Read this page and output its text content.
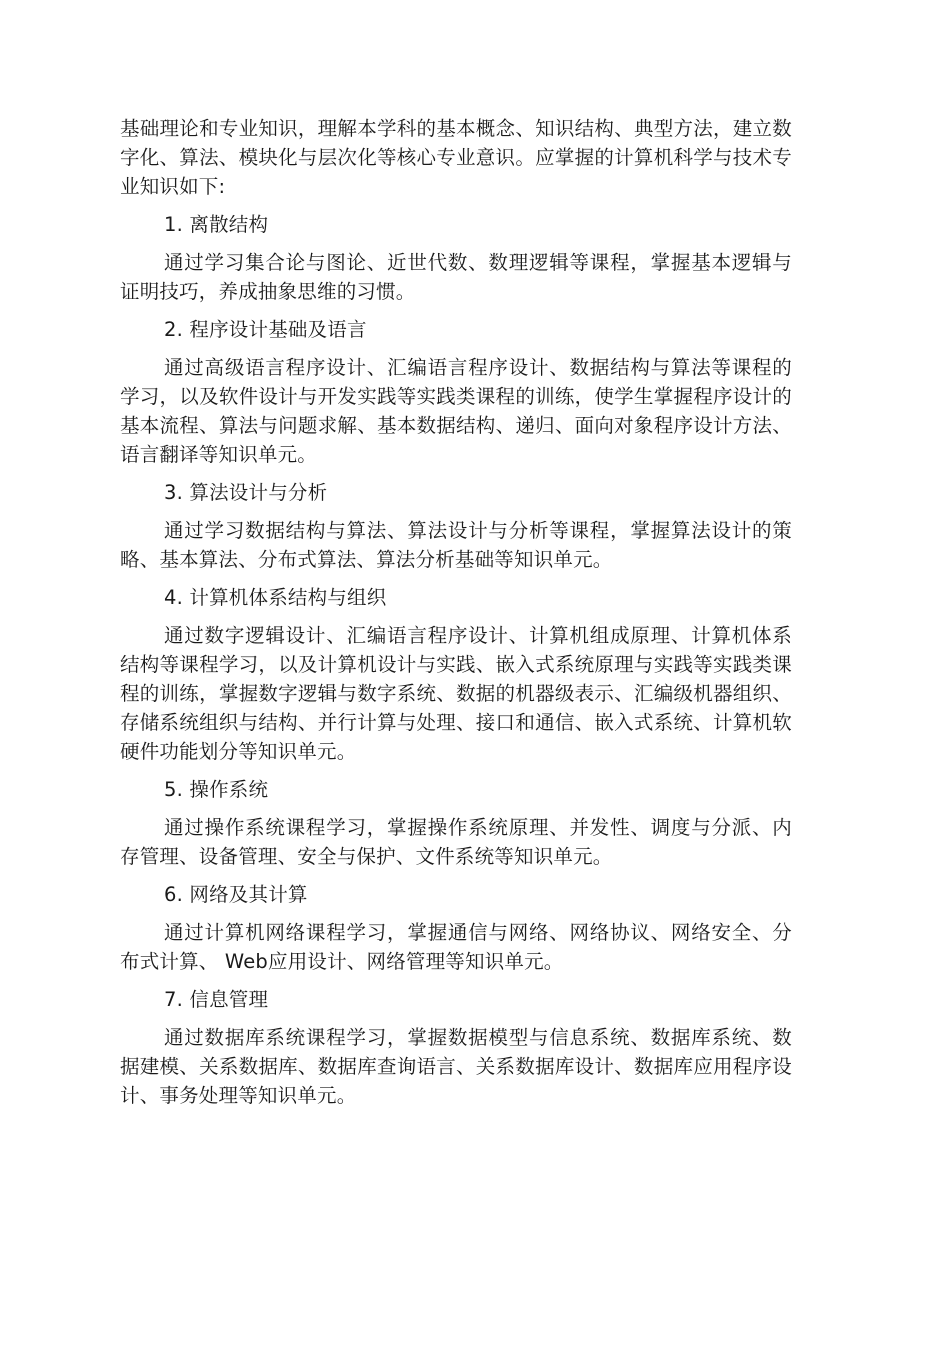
基础理论和专业知识，理解本学科的基本概念、知识结构、典型方法，建立数字化、算法、模块化与层次化等核心专业意识。应掌握的计算机科学与技术专业知识如下:

1. 离散结构

通过学习集合论与图论、近世代数、数理逻辑等课程，掌握基本逻辑与证明技巧，养成抽象思维的习惯。

2. 程序设计基础及语言

通过高级语言程序设计、汇编语言程序设计、数据结构与算法等课程的学习，以及软件设计与开发实践等实践类课程的训练，使学生掌握程序设计的基本流程、算法与问题求解、基本数据结构、递归、面向对象程序设计方法、语言翻译等知识单元。

3. 算法设计与分析

通过学习数据结构与算法、算法设计与分析等课程，掌握算法设计的策略、基本算法、分布式算法、算法分析基础等知识单元。

4. 计算机体系结构与组织

通过数字逻辑设计、汇编语言程序设计、计算机组成原理、计算机体系结构等课程学习，以及计算机设计与实践、嵌入式系统原理与实践等实践类课程的训练，掌握数字逻辑与数字系统、数据的机器级表示、汇编级机器组织、存储系统组织与结构、并行计算与处理、接口和通信、嵌入式系统、计算机软硬件功能划分等知识单元。

5. 操作系统

通过操作系统课程学习，掌握操作系统原理、并发性、调度与分派、内存管理、设备管理、安全与保护、文件系统等知识单元。

6. 网络及其计算

通过计算机网络课程学习，掌握通信与网络、网络协议、网络安全、分布式计算、 Web应用设计、网络管理等知识单元。

7. 信息管理

通过数据库系统课程学习，掌握数据模型与信息系统、数据库系统、数据建模、关系数据库、数据库查询语言、关系数据库设计、数据库应用程序设计、事务处理等知识单元。
